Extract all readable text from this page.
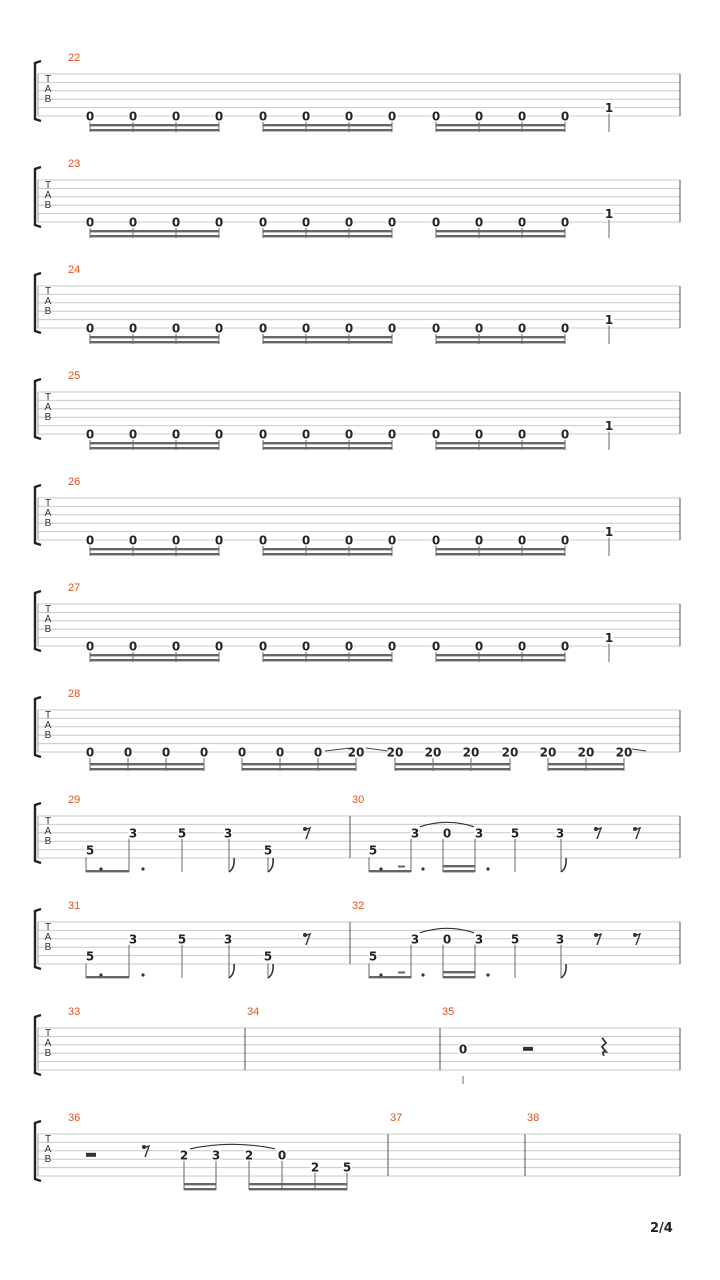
T
A
B
22
0	0	0	0	0	0	0	0	0	0	0	0
1
T
A
B
23
0	0	0	0	0	0	0	0	0	0	0	0
1
T
A
B
24
0	0	0	0	0	0	0	0	0	0	0	0
1
T
A
B
25
0	0	0	0	0	0	0	0	0	0	0	0
1
T
A
B
26
0	0	0	0	0	0	0	0	0	0	0	0
1
T
A
B
27
0	0	0	0	0	0	0	0	0	0	0	0
1
T
A
B
28
0 0 0 0 0 0 0 20 20 20 20 20 20 20 20
T
A
B
29
5
3	5	3
5
30
5
3 0 3 5	3
T
A
B
31
5
3	5	3
5
32
5
3 0 3 5	3
T
A
B
33	34	35
0
T
A
B
36
2 3 2 0
2 5
37	38
2/4
